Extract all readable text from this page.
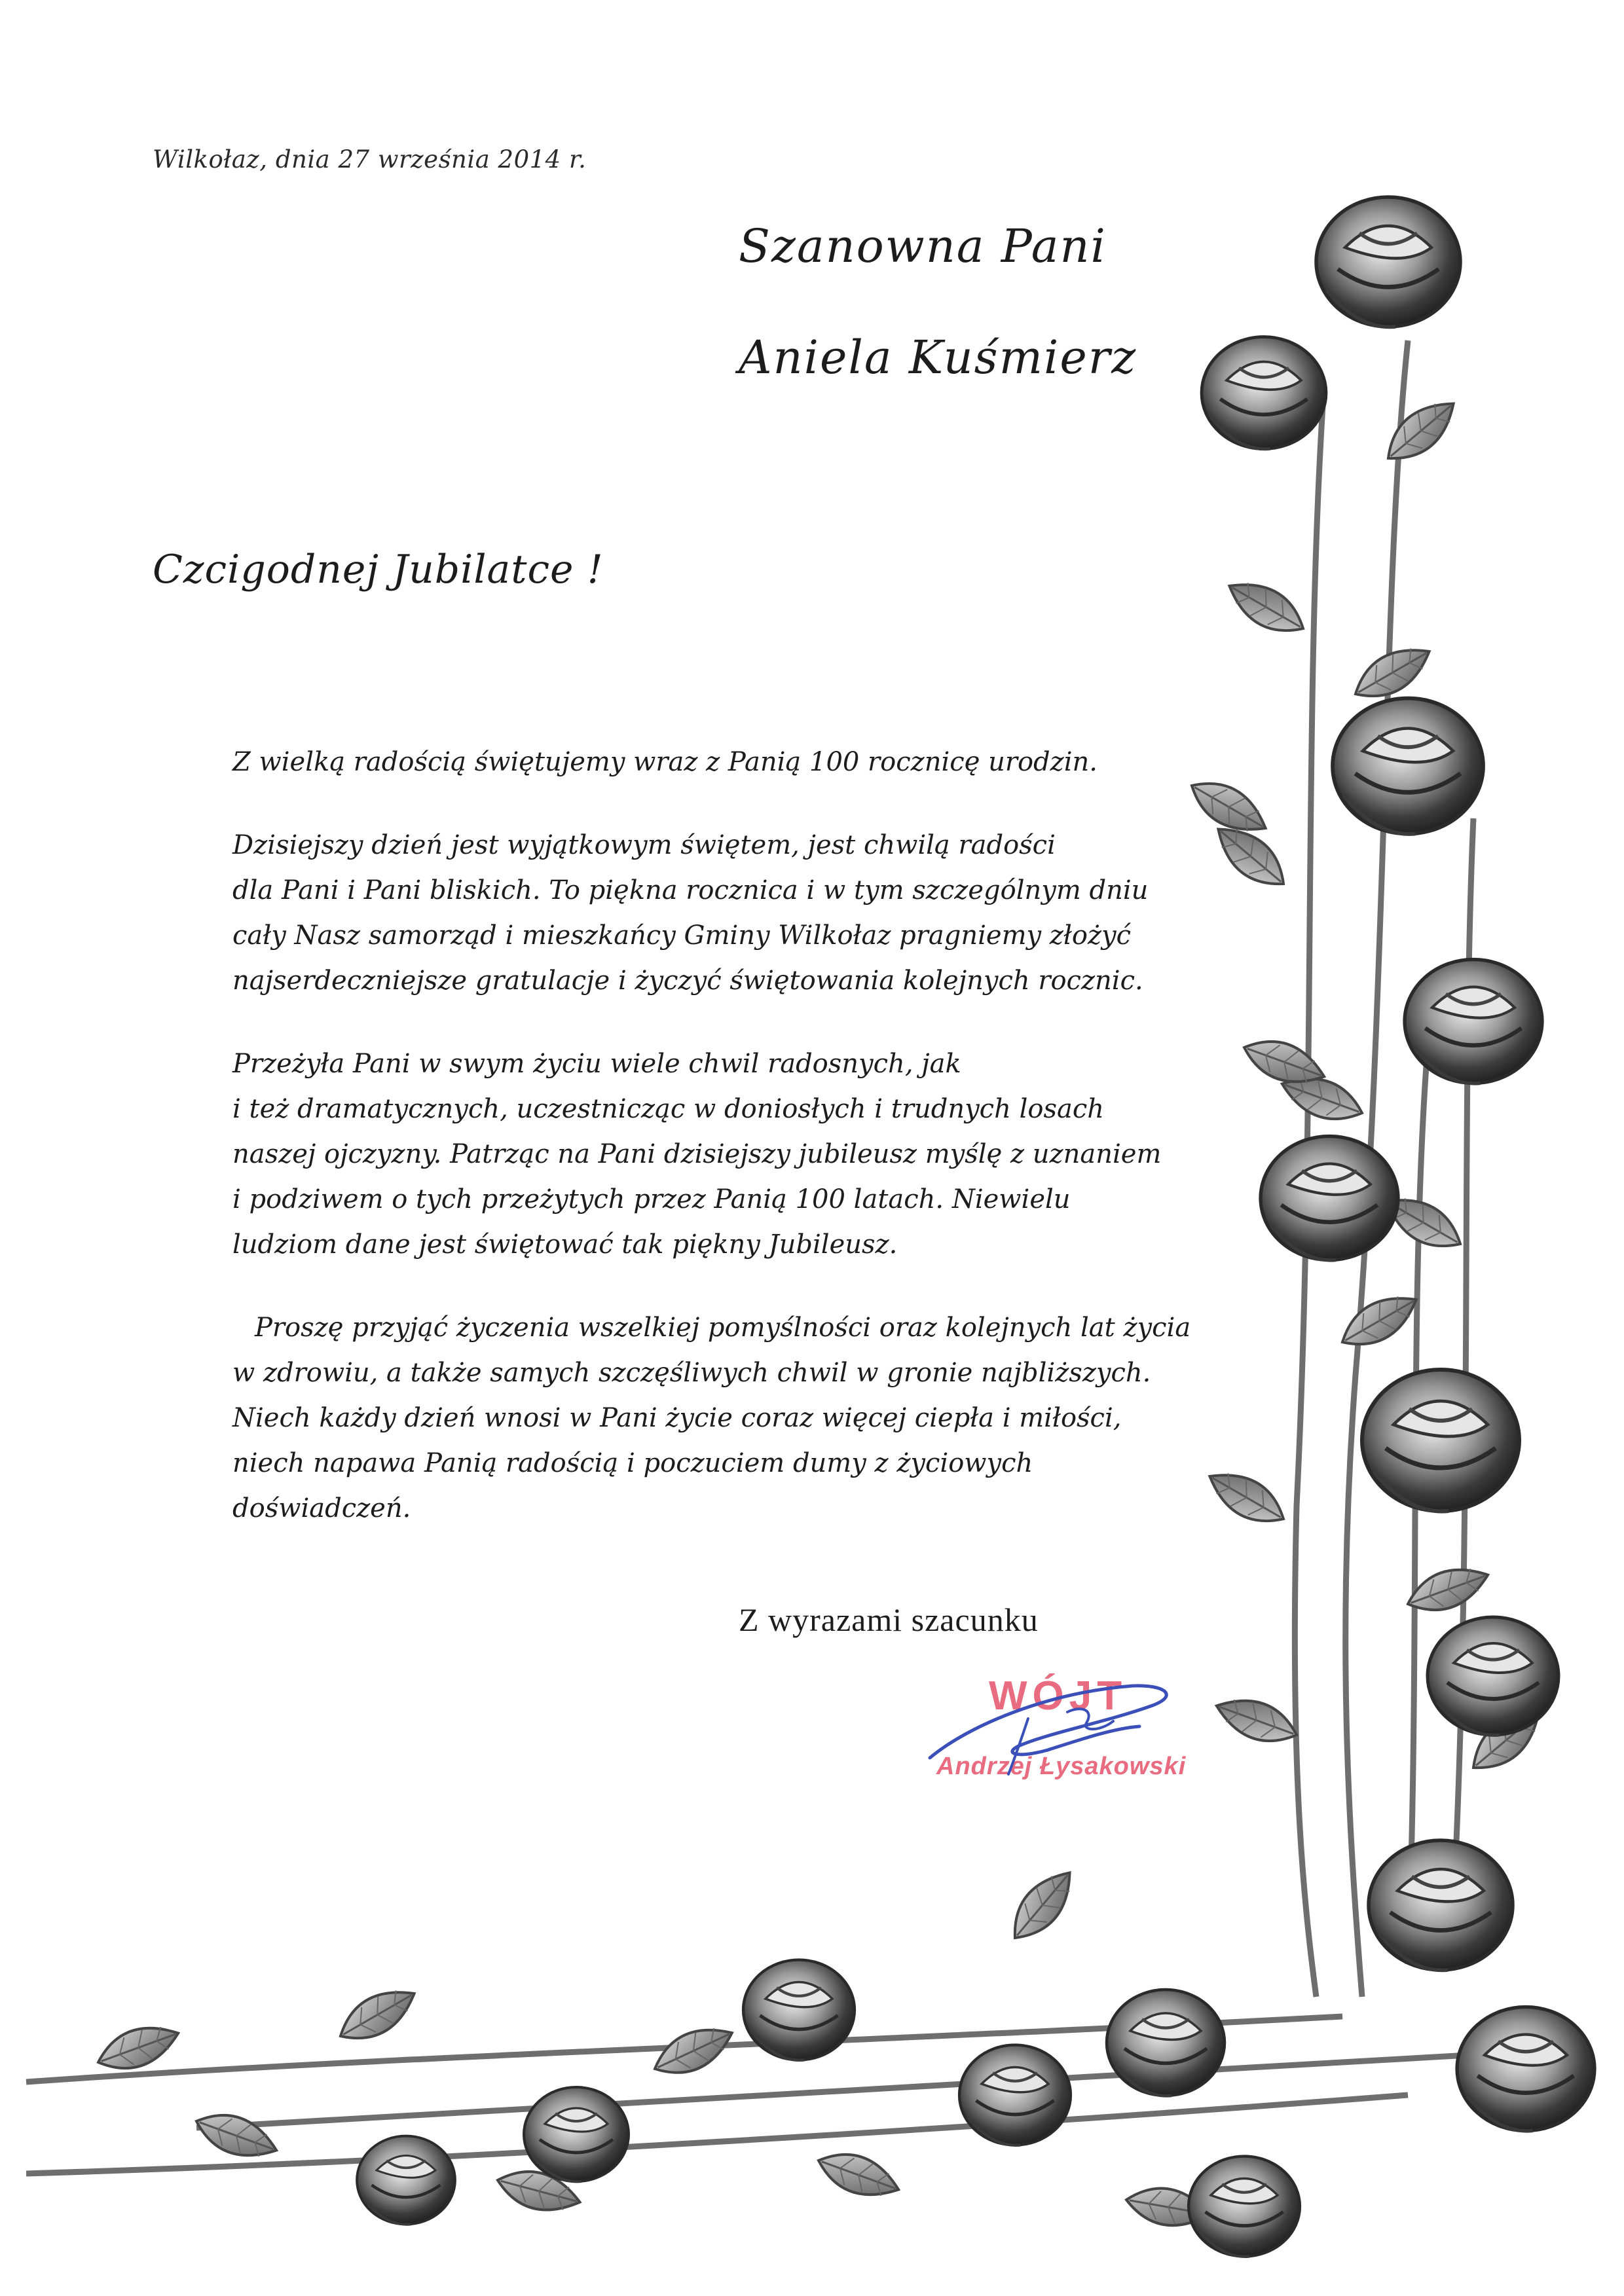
Wilkołaz, dnia 27 września 2014 r.
Szanowna Pani
Aniela Kuśmierz
Czcigodnej Jubilatce !
Z wielką radością świętujemy wraz z Panią 100 rocznicę urodzin.
Dzisiejszy dzień jest wyjątkowym świętem, jest chwilą radości
dla Pani i Pani bliskich. To piękna rocznica i w tym szczególnym dniu
cały Nasz samorząd i mieszkańcy Gminy Wilkołaz pragniemy złożyć
najserdeczniejsze gratulacje i życzyć świętowania kolejnych rocznic.
Przeżyła Pani w swym życiu wiele chwil radosnych, jak
i też dramatycznych, uczestnicząc w doniosłych i trudnych losach
naszej ojczyzny. Patrząc na Pani dzisiejszy jubileusz myślę z uznaniem
i podziwem o tych przeżytych przez Panią 100 latach. Niewielu
ludziom dane jest świętować tak piękny Jubileusz.
Proszę przyjąć życzenia wszelkiej pomyślności oraz kolejnych lat życia
w zdrowiu, a także samych szczęśliwych chwil w gronie najbliższych.
Niech każdy dzień wnosi w Pani życie coraz więcej ciepła i miłości,
niech napawa Panią radością i poczuciem dumy z życiowych
doświadczeń.
Z wyrazami szacunku
WÓJT
Andrzej Łysakowski
